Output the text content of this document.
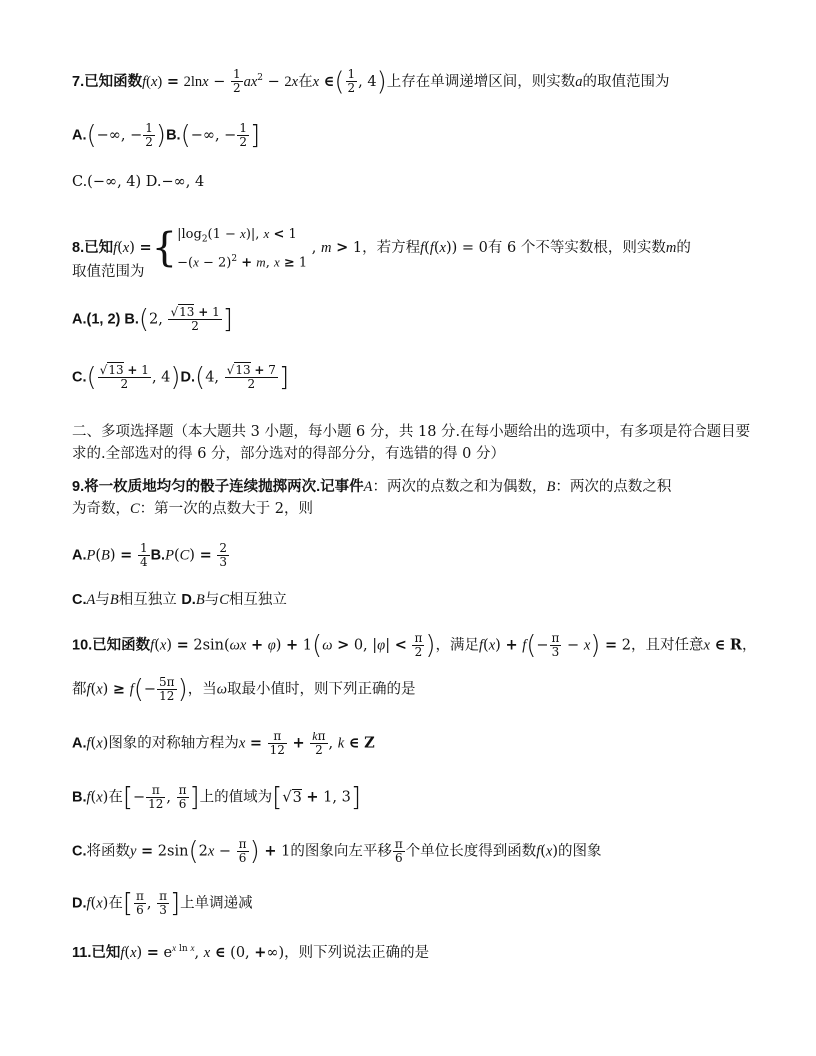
7.已知函数$f(x) = 2\ln x - \frac{1}{2} ax^2 - 2x$在x ∈( $\frac{1}{2}$ , 4)上存在单调递增区间，则实数a的取值范围为
A.(−∞, − $\frac{1}{2} )B.(-\infty$, − $\frac{1}{2}$ ]
C.(−∞, 4) D.−∞, 4
8.已知f(x) ={ $|\log_2(1 - x)|$, x < 1
$-(x - 2)^2 + m$, x ≥ 1
, m > 1，若方程f(f(x)) = 0有 6 个不等实数根，则实数m的
取值范围为
A.(1, 2) B.(2, $\frac{√13 + 1}{2}$ ]
$C.( \frac{√13 + 1}{2}$ , 4)D.(4, $\frac{√13 + 7}{2}$ ]
二、多项选择题（本大题共 3 小题，每小题 6 分，共 18 分.在每小题给出的选项中，有多项是符合题目要求的.全部选对的得 6 分，部分选对的得部分分，有选错的得 0 分）
9.将一枚质地均匀的骰子连续抛掷两次.记事件A：两次的点数之和为偶数，B：两次的点数之积
为奇数，C：第一次的点数大于 2，则
$A.P(B) = \frac{1}{4} B.P(C) = \frac{2}{3}$
C.A与B相互独立 D.B与C相互独立
10.已知函数f(x) = 2sin(ωx + φ) + 1(ω > 0, $|\varphi| < \frac{\pi}{2}$ )，满足$f(x) + f(- \frac{\pi}{3} - x) = 2$，且对任意x ∈ R，
都$f(x) \ge f(- \frac{5\pi}{12}$ )，当ω取最小值时，则下列正确的是
A.f(x)图象的对称轴方程为$x = \frac{\pi}{12} + \frac{k\pi}{2}$ , k ∈ Z
B.f(x)在[− $\frac{\pi}{12}$ , $\frac{\pi}{6}$ ]上的值域为[√3 + 1, 3]
C.将函数$y = 2\sin(2x - \frac{\pi}{6}$ ) + 1的图象向左平移 $\frac{\pi}{6}$ 个单位长度得到函数f(x)的图象
D.f(x)在[ $\frac{\pi}{6}$ , $\frac{\pi}{3}$ ]上单调递减
11.已知$f(x) = e^{x ln x}$, x ∈ (0, +∞)，则下列说法正确的是
